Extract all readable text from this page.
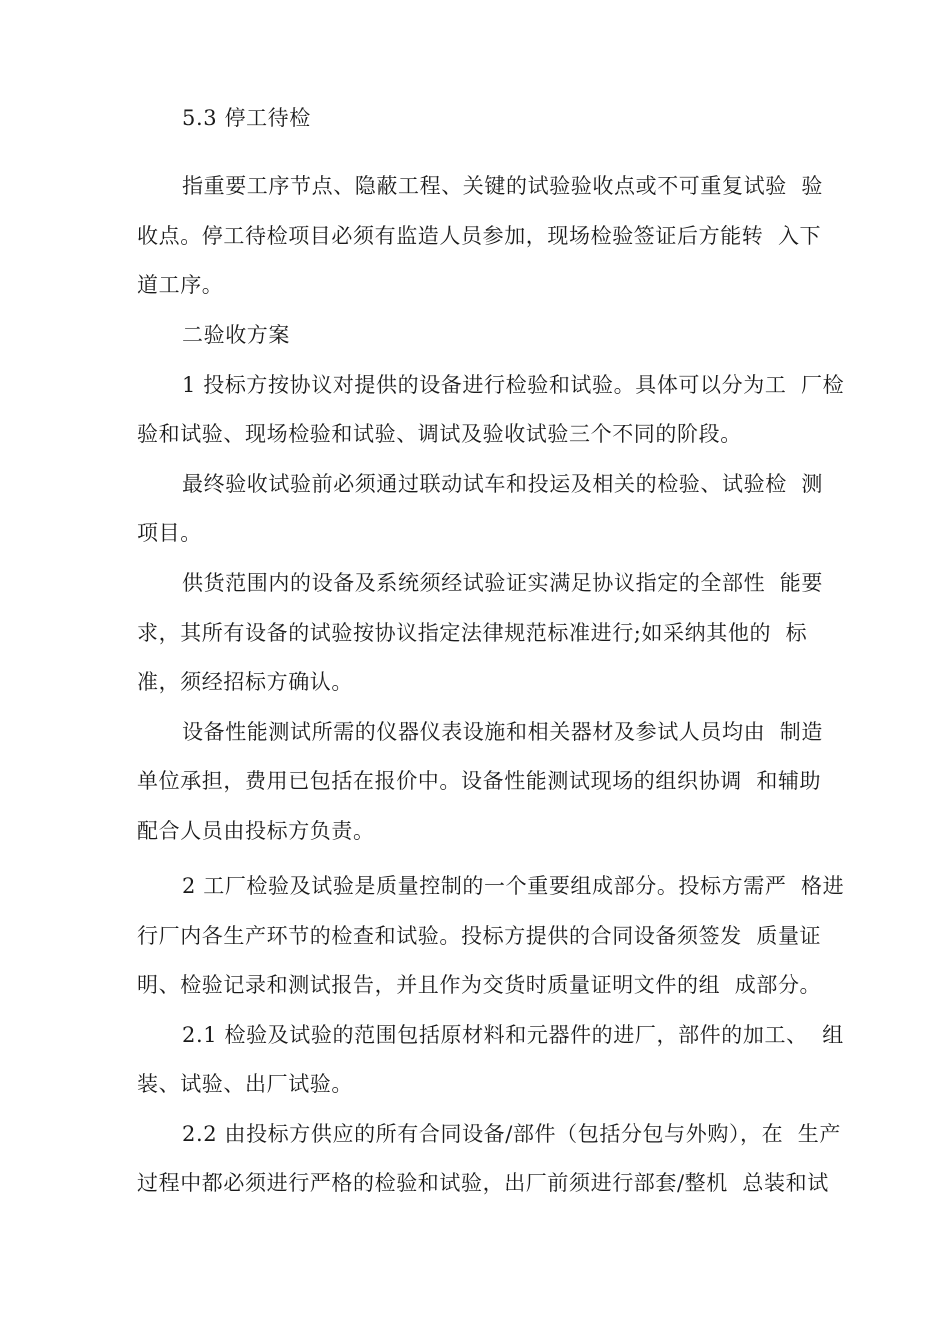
5.3 停工待检
指重要工序节点、隐蔽工程、关键的试验验收点或不可重复试验  验
收点。停工待检项目必须有监造人员参加，现场检验签证后方能转  入下
道工序。
二验收方案
1 投标方按协议对提供的设备进行检验和试验。具体可以分为工  厂检
验和试验、现场检验和试验、调试及验收试验三个不同的阶段。
最终验收试验前必须通过联动试车和投运及相关的检验、试验检  测
项目。
供货范围内的设备及系统须经试验证实满足协议指定的全部性  能要
求，其所有设备的试验按协议指定法律规范标准进行;如采纳其他的  标
准，须经招标方确认。
设备性能测试所需的仪器仪表设施和相关器材及参试人员均由  制造
单位承担，费用已包括在报价中。设备性能测试现场的组织协调  和辅助
配合人员由投标方负责。
2 工厂检验及试验是质量控制的一个重要组成部分。投标方需严  格进
行厂内各生产环节的检查和试验。投标方提供的合同设备须签发  质量证
明、检验记录和测试报告，并且作为交货时质量证明文件的组  成部分。
2.1 检验及试验的范围包括原材料和元器件的进厂，部件的加工、  组
装、试验、出厂试验。
2.2 由投标方供应的所有合同设备/部件（包括分包与外购），在  生产
过程中都必须进行严格的检验和试验，出厂前须进行部套/整机  总装和试
